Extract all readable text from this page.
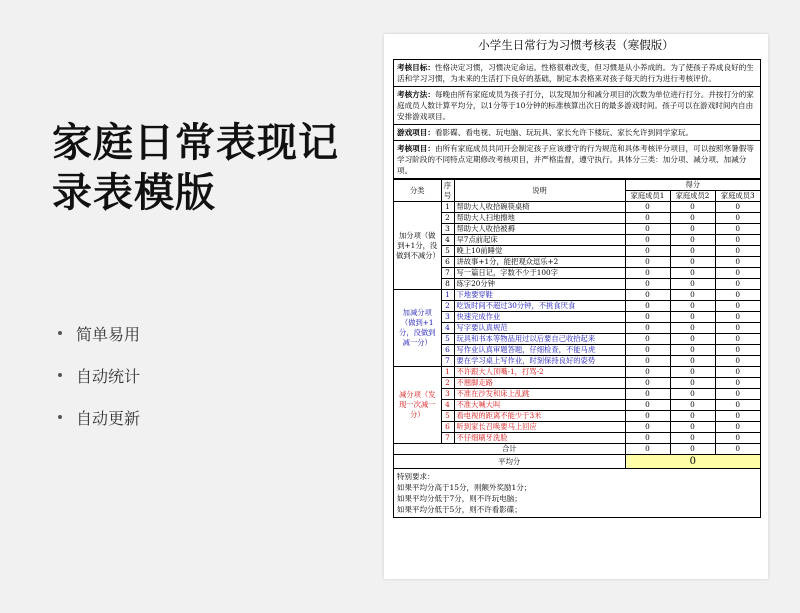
家庭日常表现记
录表模版
简单易用
自动统计
自动更新
小学生日常行为习惯考核表（寒假版）
考核目标：性格决定习惯，习惯决定命运。性格很难改变，但习惯是从小养成的。为了使孩子养成良好的生活和学习习惯，为未来的生活打下良好的基础，制定本表格来对孩子每天的行为进行考核评价。
考核方法：每晚由所有家庭成员为孩子打分，以发现加分和减分项目的次数为单位进行打分。并按打分的家庭成员人数计算平均分，以1分等于10分钟的标准核算出次日的最多游戏时间。孩子可以在游戏时间内自由安排游戏项目。
游戏项目：看影碟、看电视、玩电脑、玩玩具、家长允许下楼玩、家长允许到同学家玩。
考核项目：由所有家庭成员共同开会制定孩子应该遵守的行为规范和具体考核评分项目，可以按照寒暑假等学习阶段的不同特点定期修改考核项目，并严格监督，遵守执行。具体分三类：加分项、减分项、加减分项。
分类	序号	说明	得分		
			家庭成员1	家庭成员2	家庭成员3
加分项（做到+1分，没做到不减分）	1	帮助大人收拾碗筷桌椅	0	0	0
	2	帮助大人扫地擦地	0	0	0
	3	帮助大人收拾被褥	0	0	0
	4	早7点前起床	0	0	0
	5	晚上10前睡觉	0	0	0
	6	讲故事+1分，能把观众逗乐+2	0	0	0
	7	写一篇日记，字数不少于100字	0	0	0
	8	练字20分钟	0	0	0
加减分项（做到+1分，没做到减一分）	1	下地要穿鞋	0	0	0
	2	吃饭时间不超过30分钟，不挑食厌食	0	0	0
	3	快速完成作业	0	0	0
	4	写字要认真规范	0	0	0
	5	玩具和书本等物品用过以后要自己收拾起来	0	0	0
	6	写作业认真审题答题，仔细检查，不能马虎	0	0	0
	7	要在学习桌上写作业，时刻保持良好的姿势	0	0	0
减分项（发现一次减一分）	1	不许跟大人顶嘴-1，打骂-2	0	0	0
	2	不翘脚走路	0	0	0
	3	不准在沙发和床上乱跳	0	0	0
	4	不准大喊大叫	0	0	0
	5	看电视的距离不能少于3米	0	0	0
	6	听到家长召唤要马上回应	0	0	0
	7	不仔细刷牙洗脸	0	0	0
合计			0	0	0
平均分			0		
特别要求：
如果平均分高于15分，则额外奖励1分；
如果平均分低于7分，则不许玩电脑；
如果平均分低于5分，则不许看影碟；
